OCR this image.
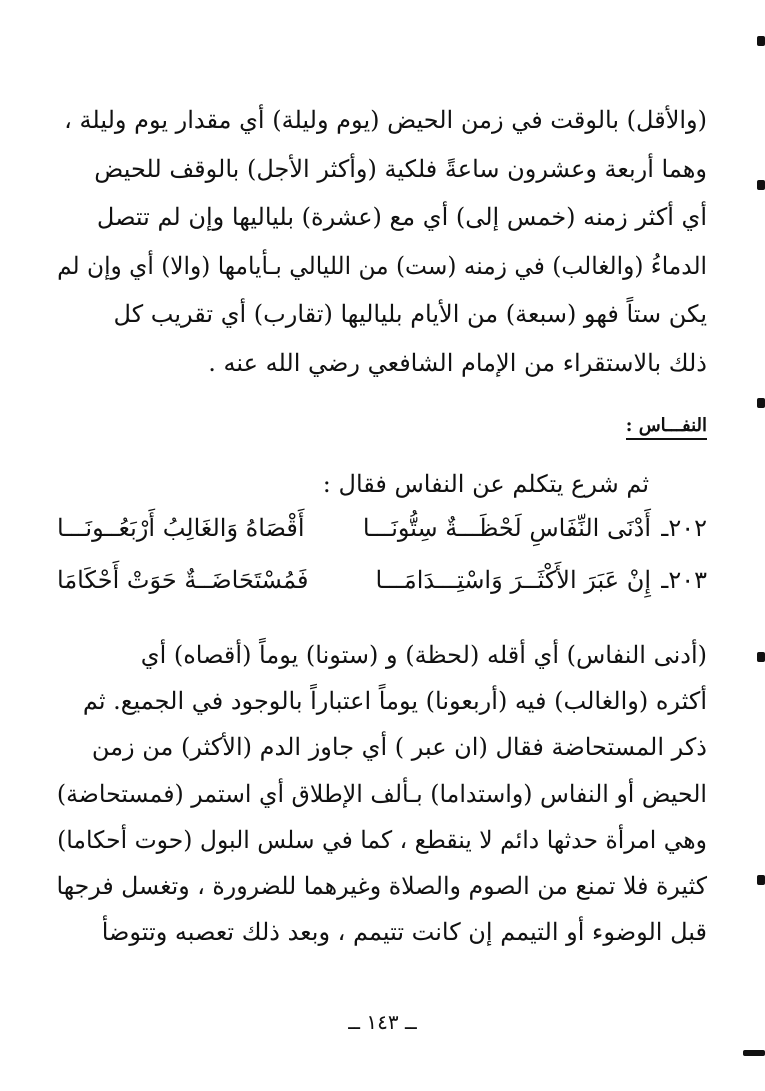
(والأقل) بالوقت في زمن الحيض (يوم وليلة) أي مقدار يوم وليلة ،
وهما أربعة وعشرون ساعةً فلكية (وأكثر الأجل) بالوقف للحيض
أي أكثر زمنه (خمس إلى) أي مع (عشرة) بلياليها وإن لم تتصل
الدماءُ (والغالب) في زمنه (ست) من الليالي بـأيامها (والا) أي وإن لم
يكن ستاً فهو (سبعة) من الأيام بلياليها (تقارب) أي تقريب كل
ذلك بالاستقراء من الإمام الشافعي رضي الله عنه .
النفـــاس :
ثم شرع يتكلم عن النفاس فقال :
٢٠٢ـ
أَدْنَى النِّفَاسِ لَحْظَـــةٌ سِتُّونَـــا
أَقْصَاهُ وَالغَالِبُ أَرْبَعُــونَـــا
٢٠٣ـ
إِنْ عَبَرَ الأَكْثَــرَ وَاسْتِـــدَامَـــا
فَمُسْتَحَاضَــةٌ حَوَتْ أَحْكَامَا
(أدنى النفاس) أي أقله (لحظة) و (ستونا) يوماً (أقصاه) أي
أكثره (والغالب) فيه (أربعونا) يوماً اعتباراً بالوجود في الجميع. ثم
ذكر المستحاضة فقال (ان عبر ) أي جاوز الدم (الأكثر) من زمن
الحيض أو النفاس (واستداما) بـألف الإطلاق أي استمر (فمستحاضة) وهي امرأة حدثها دائم لا ينقطع ، كما في سلس البول (حوت أحكاما) كثيرة فلا تمنع من الصوم والصلاة وغيرهما للضرورة ، وتغسل فرجها
قبل الوضوء أو التيمم إن كانت تتيمم ، وبعد ذلك تعصبه وتتوضأ
ــ ١٤٣ ــ
